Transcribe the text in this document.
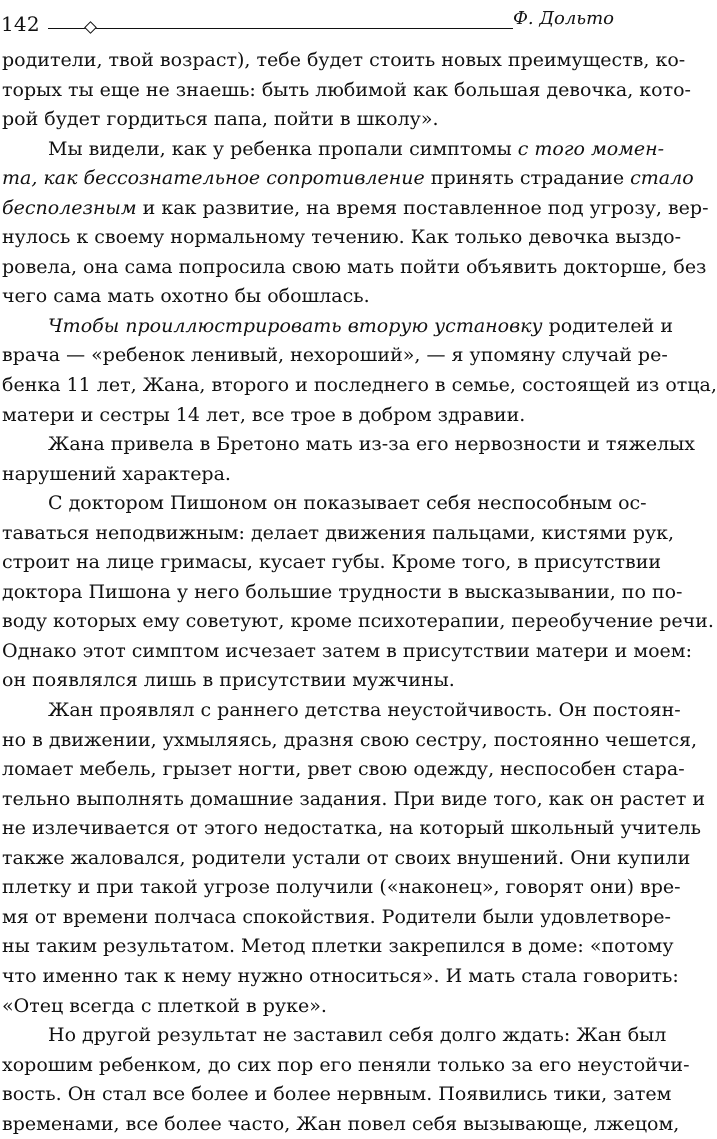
142	Ф. Дольто
родители, твой возраст), тебе будет стоить новых преимуществ, ко-
торых ты еще не знаешь: быть любимой как большая девочка, кото-
рой будет гордиться папа, пойти в школу».
Мы видели, как у ребенка пропали симптомы с того момен-
та, как бессознательное сопротивление принять страдание стало
бесполезным и как развитие, на время поставленное под угрозу, вер-
нулось к своему нормальному течению. Как только девочка выздо-
ровела, она сама попросила свою мать пойти объявить докторше, без
чего сама мать охотно бы обошлась.
Чтобы проиллюстрировать вторую установку родителей и
врача — «ребенок ленивый, нехороший», — я упомяну случай ре-
бенка 11 лет, Жана, второго и последнего в семье, состоящей из отца,
матери и сестры 14 лет, все трое в добром здравии.
Жана привела в Бретоно мать из-за его нервозности и тяжелых
нарушений характера.
С доктором Пишоном он показывает себя неспособным ос-
таваться неподвижным: делает движения пальцами, кистями рук,
строит на лице гримасы, кусает губы. Кроме того, в присутствии
доктора Пишона у него большие трудности в высказывании, по по-
воду которых ему советуют, кроме психотерапии, переобучение речи.
Однако этот симптом исчезает затем в присутствии матери и моем:
он появлялся лишь в присутствии мужчины.
Жан проявлял с раннего детства неустойчивость. Он постоян-
но в движении, ухмыляясь, дразня свою сестру, постоянно чешется,
ломает мебель, грызет ногти, рвет свою одежду, неспособен стара-
тельно выполнять домашние задания. При виде того, как он растет и
не излечивается от этого недостатка, на который школьный учитель
также жаловался, родители устали от своих внушений. Они купили
плетку и при такой угрозе получили («наконец», говорят они) вре-
мя от времени полчаса спокойствия. Родители были удовлетворе-
ны таким результатом. Метод плетки закрепился в доме: «потому
что именно так к нему нужно относиться». И мать стала говорить:
«Отец всегда с плеткой в руке».
Но другой результат не заставил себя долго ждать: Жан был
хорошим ребенком, до сих пор его пеняли только за его неустойчи-
вость. Он стал все более и более нервным. Появились тики, затем
временами, все более часто, Жан повел себя вызывающе, лжецом,
